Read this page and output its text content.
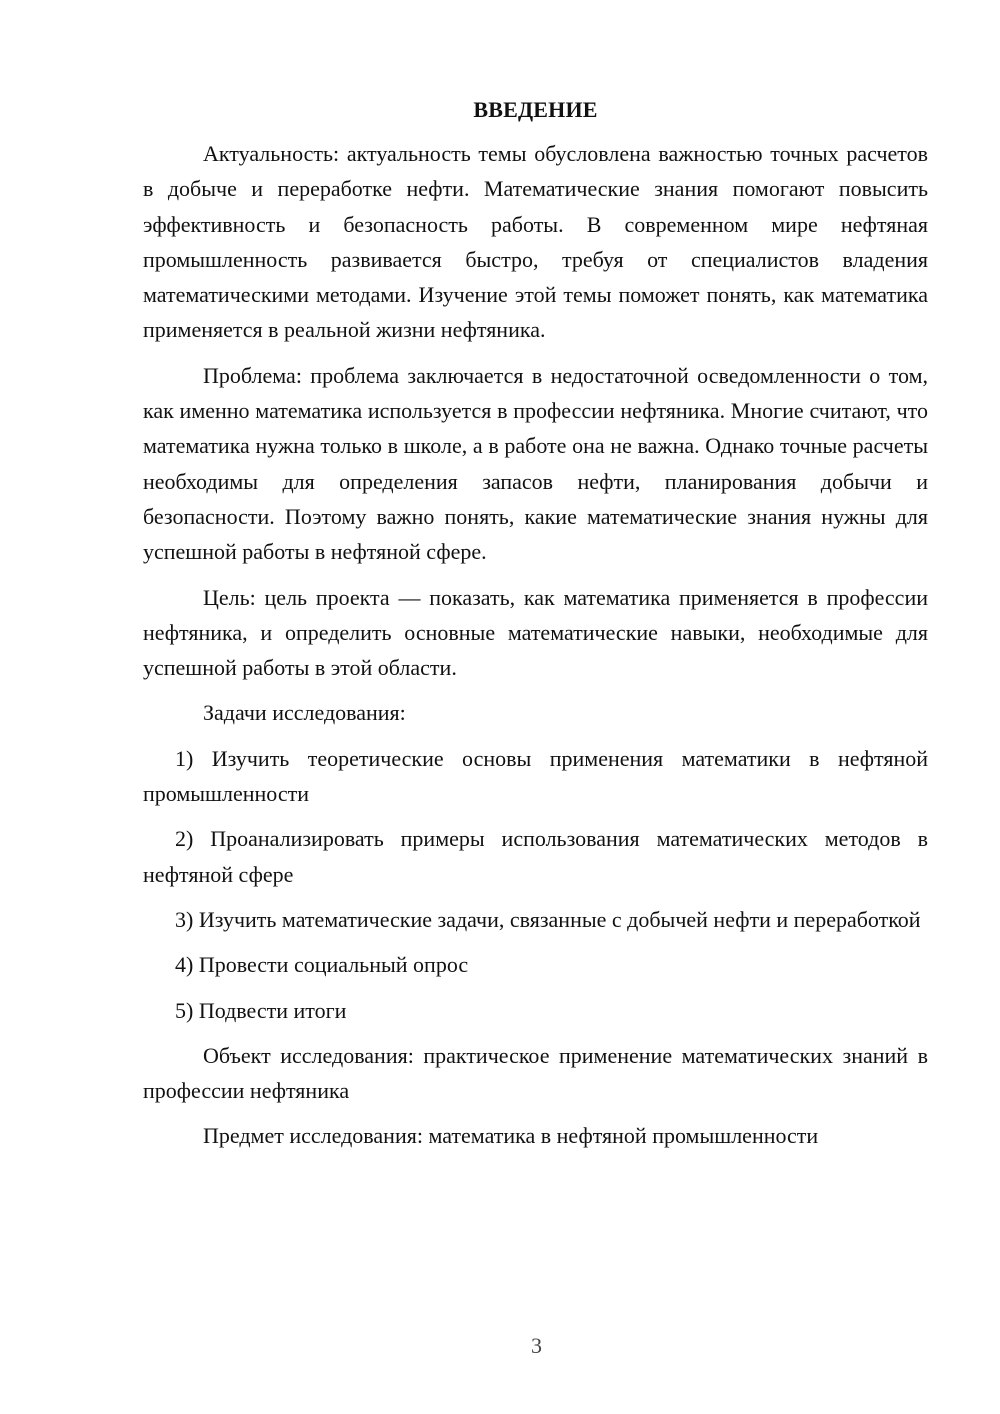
ВВЕДЕНИЕ

Актуальность: актуальность темы обусловлена важностью точных расчетов в добыче и переработке нефти. Математические знания помогают повысить эффективность и безопасность работы. В современном мире нефтяная промышленность развивается быстро, требуя от специалистов владения математическими методами. Изучение этой темы поможет понять, как математика применяется в реальной жизни нефтяника.

Проблема: проблема заключается в недостаточной осведомленности о том, как именно математика используется в профессии нефтяника. Многие считают, что математика нужна только в школе, а в работе она не важна. Однако точные расчеты необходимы для определения запасов нефти, планирования добычи и безопасности. Поэтому важно понять, какие математические знания нужны для успешной работы в нефтяной сфере.

Цель: цель проекта — показать, как математика применяется в профессии нефтяника, и определить основные математические навыки, необходимые для успешной работы в этой области.

Задачи исследования:

1) Изучить теоретические основы применения математики в нефтяной промышленности

2) Проанализировать примеры использования математических методов в нефтяной сфере

3) Изучить математические задачи, связанные с добычей нефти и переработкой

4) Провести социальный опрос

5) Подвести итоги

Объект исследования: практическое применение математических знаний в профессии нефтяника

Предмет исследования: математика в нефтяной промышленности

3
